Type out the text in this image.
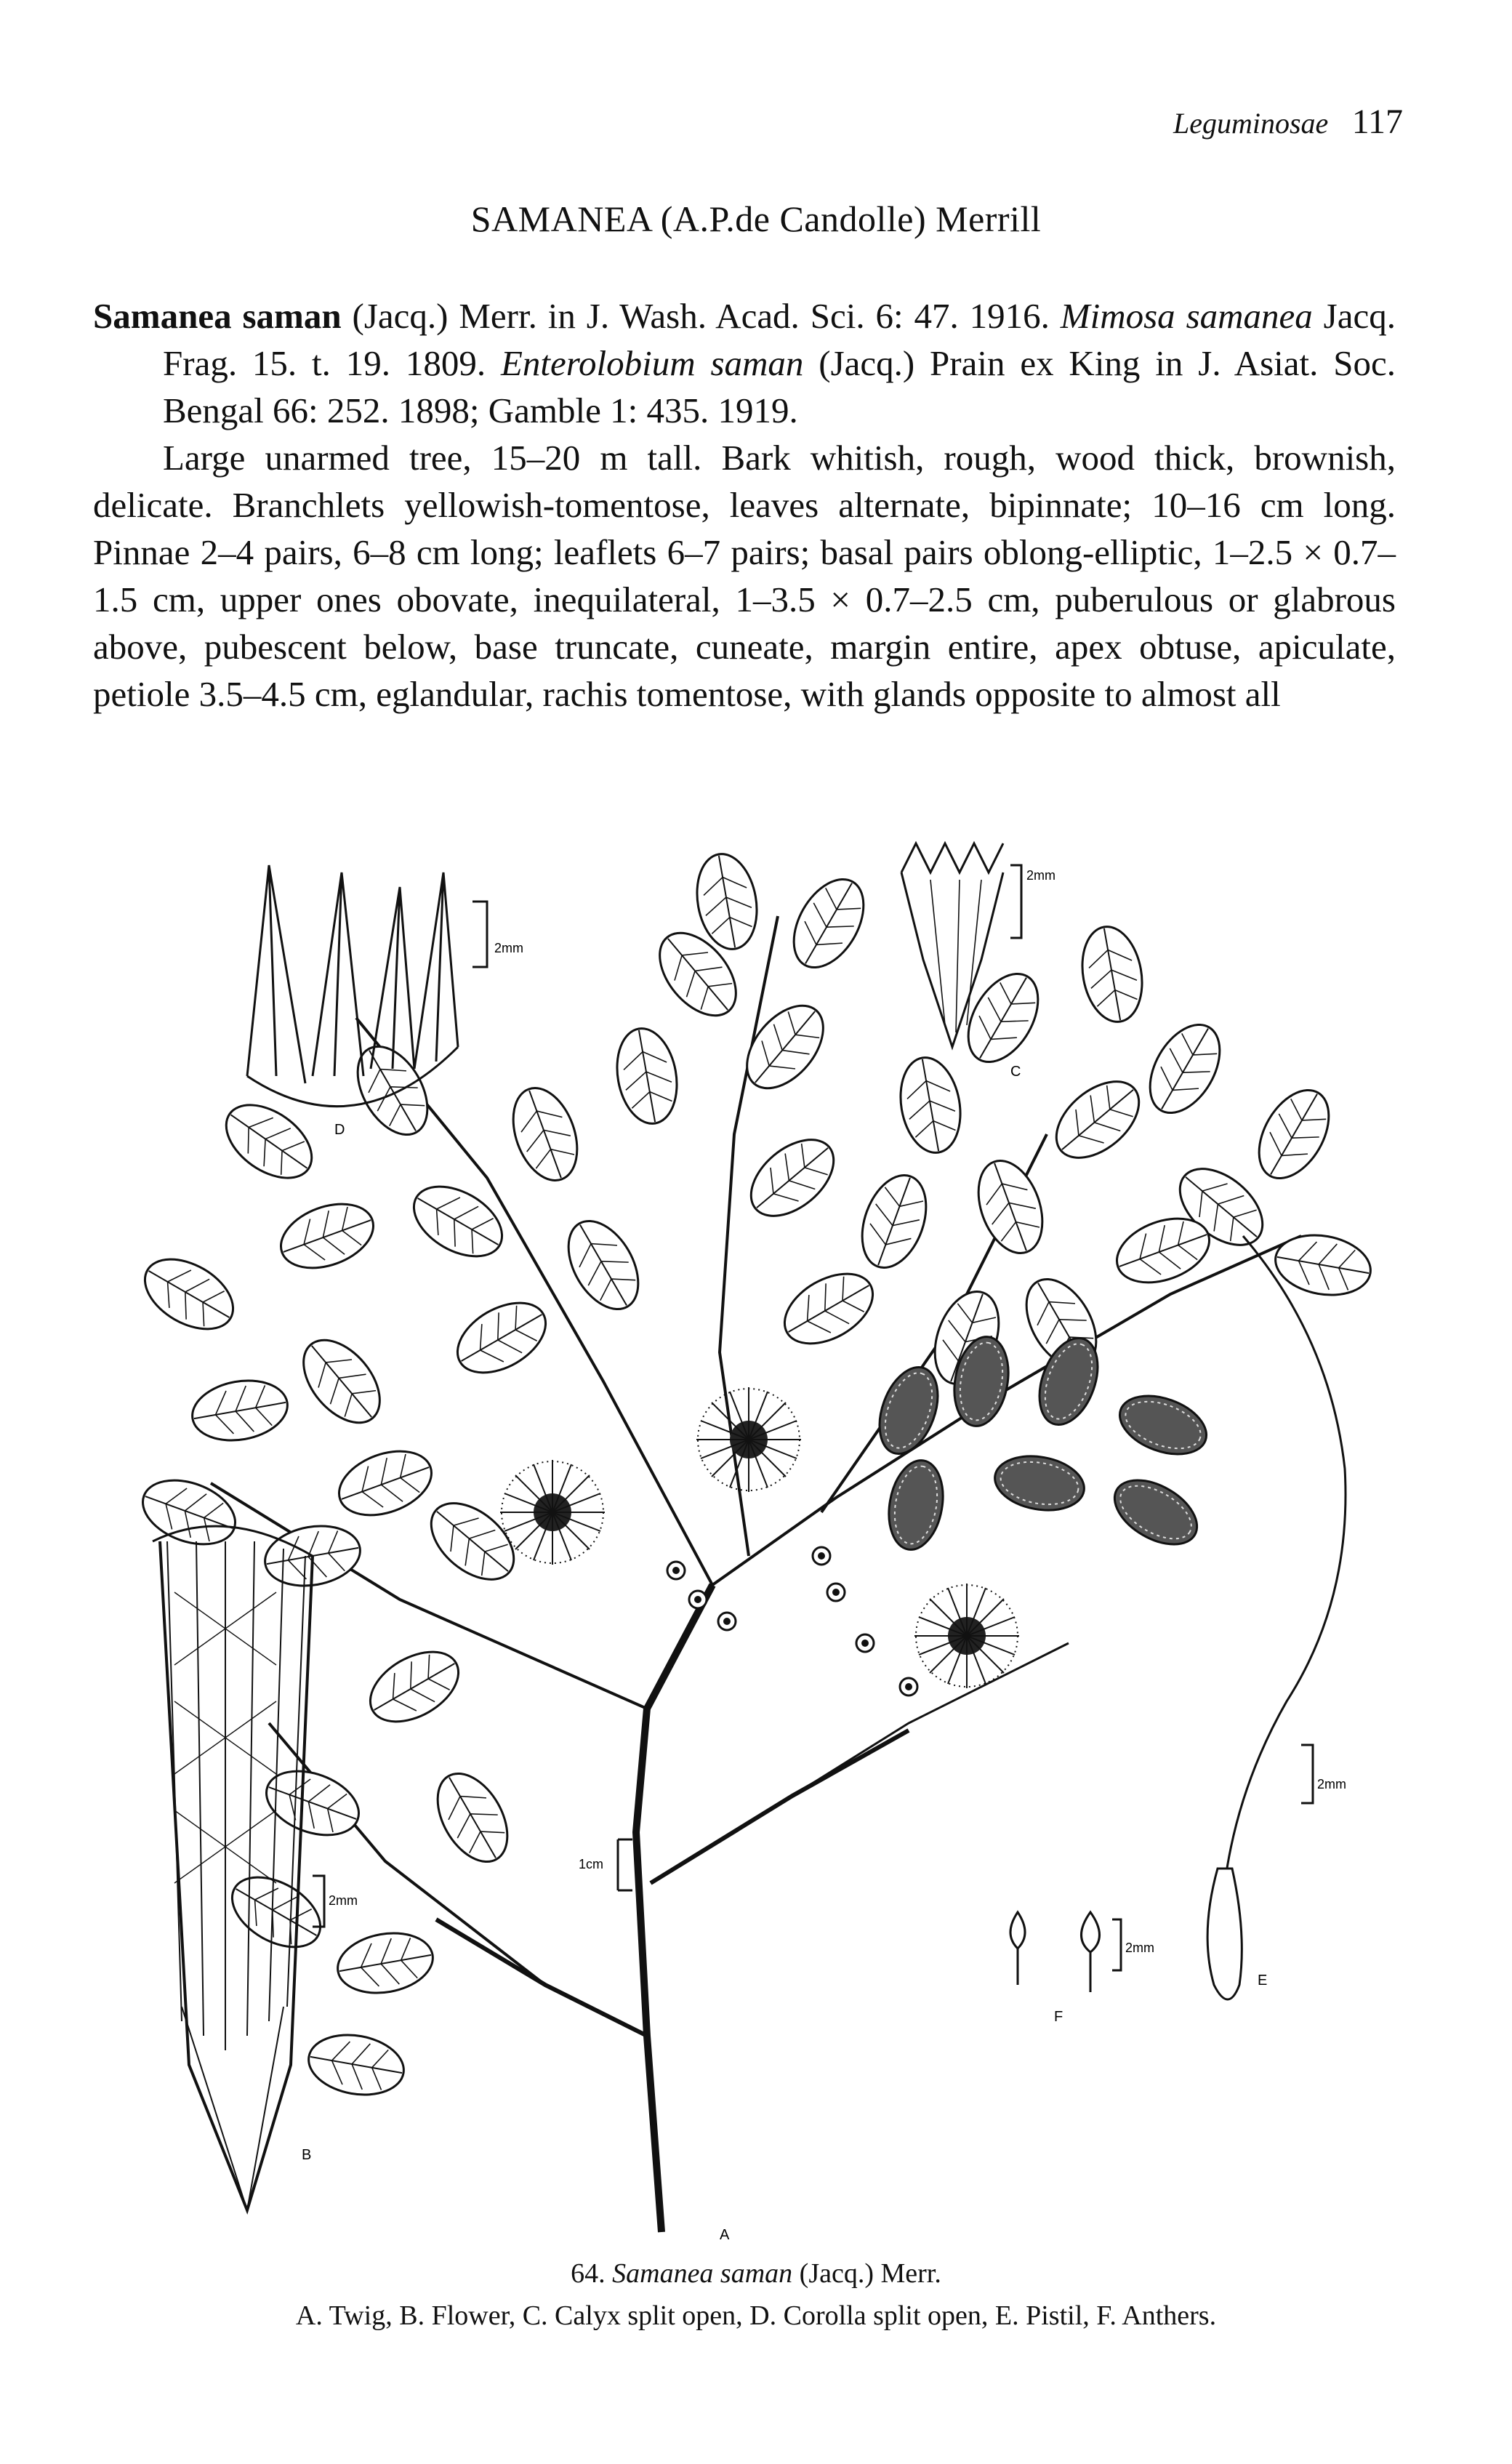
Leguminosae 117
SAMANEA (A.P.de Candolle) Merrill

Samanea saman (Jacq.) Merr. in J. Wash. Acad. Sci. 6: 47. 1916. Mimosa samanea Jacq. Frag. 15. t. 19. 1809. Enterolobium saman (Jacq.) Prain ex King in J. Asiat. Soc. Bengal 66: 252. 1898; Gamble 1: 435. 1919.

Large unarmed tree, 15–20 m tall. Bark whitish, rough, wood thick, brownish, delicate. Branchlets yellowish-tomentose, leaves alternate, bipinnate; 10–16 cm long. Pinnae 2–4 pairs, 6–8 cm long; leaflets 6–7 pairs; basal pairs oblong-elliptic, 1–2.5 × 0.7–1.5 cm, upper ones obovate, inequilateral, 1–3.5 × 0.7–2.5 cm, puberulous or glabrous above, pubescent below, base truncate, cuneate, margin entire, apex obtuse, apiculate, petiole 3.5–4.5 cm, eglandular, rachis tomentose, with glands opposite to almost all

1cm
A
2mm
D
2mm
C
2mm
B
2mm
E
2mm
F
64. Samanea saman (Jacq.) Merr.
A. Twig, B. Flower, C. Calyx split open, D. Corolla split open, E. Pistil, F. Anthers.
